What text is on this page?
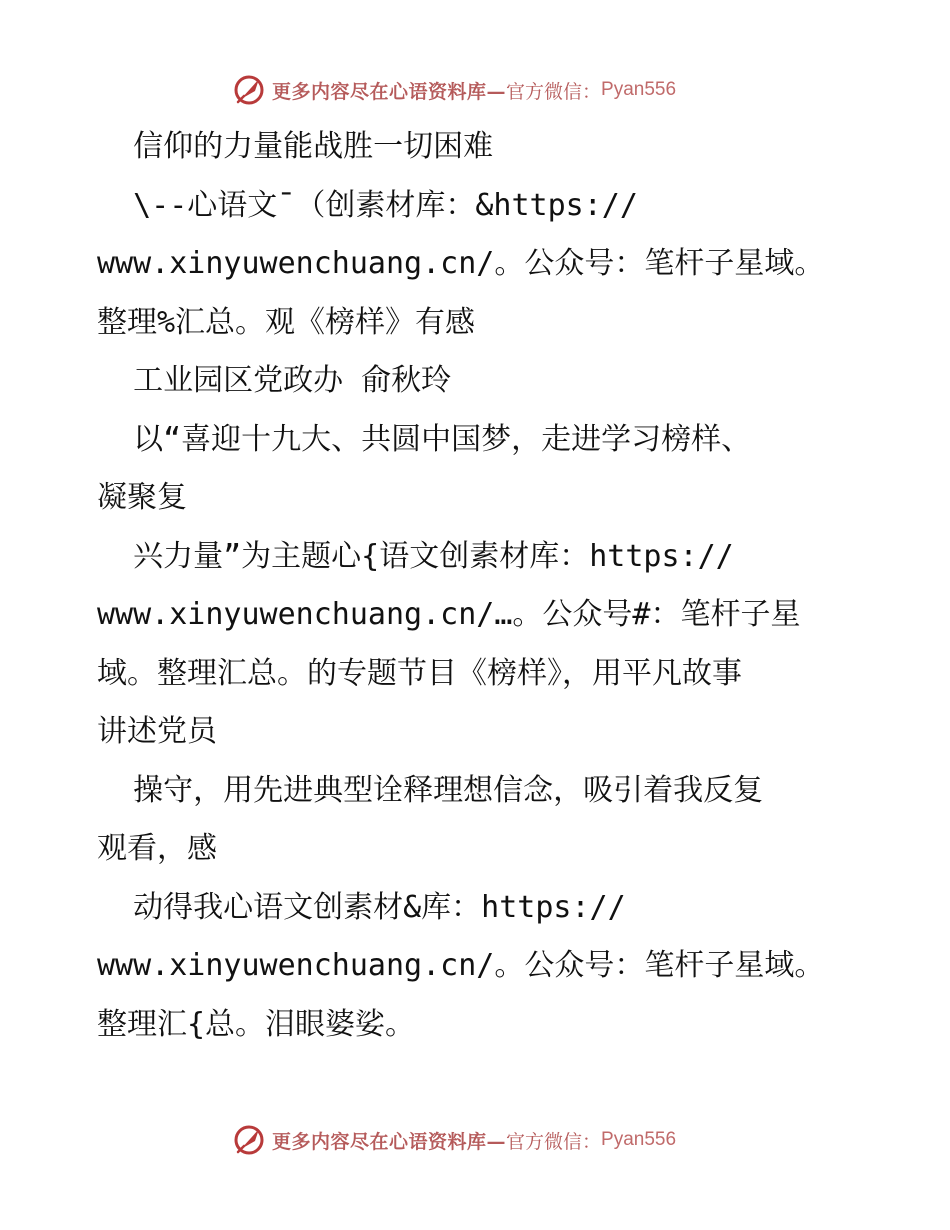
更多内容尽在心语资料库— 官方微信： Pyan556
信仰的力量能战胜一切困难
\--心语文¯（创素材库：&https://
www.xinyuwenchuang.cn/。公众号：笔杆子星域。
整理%汇总。观《榜样》有感
工业园区党政办 俞秋玲
以“喜迎十九大、共圆中国梦，走进学习榜样、
凝聚复
兴力量”为主题心{语文创素材库：https://
www.xinyuwenchuang.cn/…。公众号#：笔杆子星
域。整理汇总。的专题节目《榜样》，用平凡故事
讲述党员
操守，用先进典型诠释理想信念，吸引着我反复
观看，感
动得我心语文创素材&库：https://
www.xinyuwenchuang.cn/。公众号：笔杆子星域。
整理汇{总。泪眼婆娑。
更多内容尽在心语资料库— 官方微信： Pyan556
